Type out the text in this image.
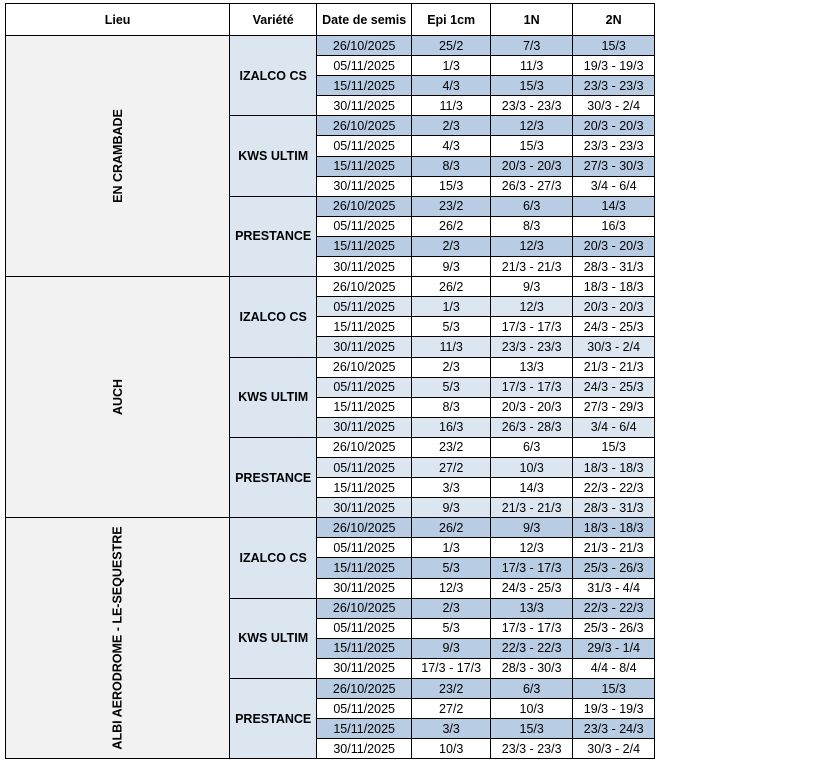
Lieu	Variété	Date de semis	Epi 1cm	1N	2N
EN CRAMBADE	IZALCO CS	26/10/2025	25/2	7/3	15/3
		05/11/2025	1/3	11/3	19/3 - 19/3
		15/11/2025	4/3	15/3	23/3 - 23/3
		30/11/2025	11/3	23/3 - 23/3	30/3 - 2/4
	KWS ULTIM	26/10/2025	2/3	12/3	20/3 - 20/3
		05/11/2025	4/3	15/3	23/3 - 23/3
		15/11/2025	8/3	20/3 - 20/3	27/3 - 30/3
		30/11/2025	15/3	26/3 - 27/3	3/4 - 6/4
	PRESTANCE	26/10/2025	23/2	6/3	14/3
		05/11/2025	26/2	8/3	16/3
		15/11/2025	2/3	12/3	20/3 - 20/3
		30/11/2025	9/3	21/3 - 21/3	28/3 - 31/3
AUCH	IZALCO CS	26/10/2025	26/2	9/3	18/3 - 18/3
		05/11/2025	1/3	12/3	20/3 - 20/3
		15/11/2025	5/3	17/3 - 17/3	24/3 - 25/3
		30/11/2025	11/3	23/3 - 23/3	30/3 - 2/4
	KWS ULTIM	26/10/2025	2/3	13/3	21/3 - 21/3
		05/11/2025	5/3	17/3 - 17/3	24/3 - 25/3
		15/11/2025	8/3	20/3 - 20/3	27/3 - 29/3
		30/11/2025	16/3	26/3 - 28/3	3/4 - 6/4
	PRESTANCE	26/10/2025	23/2	6/3	15/3
		05/11/2025	27/2	10/3	18/3 - 18/3
		15/11/2025	3/3	14/3	22/3 - 22/3
		30/11/2025	9/3	21/3 - 21/3	28/3 - 31/3
ALBI AERODROME - LE-SEQUESTRE	IZALCO CS	26/10/2025	26/2	9/3	18/3 - 18/3
		05/11/2025	1/3	12/3	21/3 - 21/3
		15/11/2025	5/3	17/3 - 17/3	25/3 - 26/3
		30/11/2025	12/3	24/3 - 25/3	31/3 - 4/4
	KWS ULTIM	26/10/2025	2/3	13/3	22/3 - 22/3
		05/11/2025	5/3	17/3 - 17/3	25/3 - 26/3
		15/11/2025	9/3	22/3 - 22/3	29/3 - 1/4
		30/11/2025	17/3 - 17/3	28/3 - 30/3	4/4 - 8/4
	PRESTANCE	26/10/2025	23/2	6/3	15/3
		05/11/2025	27/2	10/3	19/3 - 19/3
		15/11/2025	3/3	15/3	23/3 - 24/3
		30/11/2025	10/3	23/3 - 23/3	30/3 - 2/4
